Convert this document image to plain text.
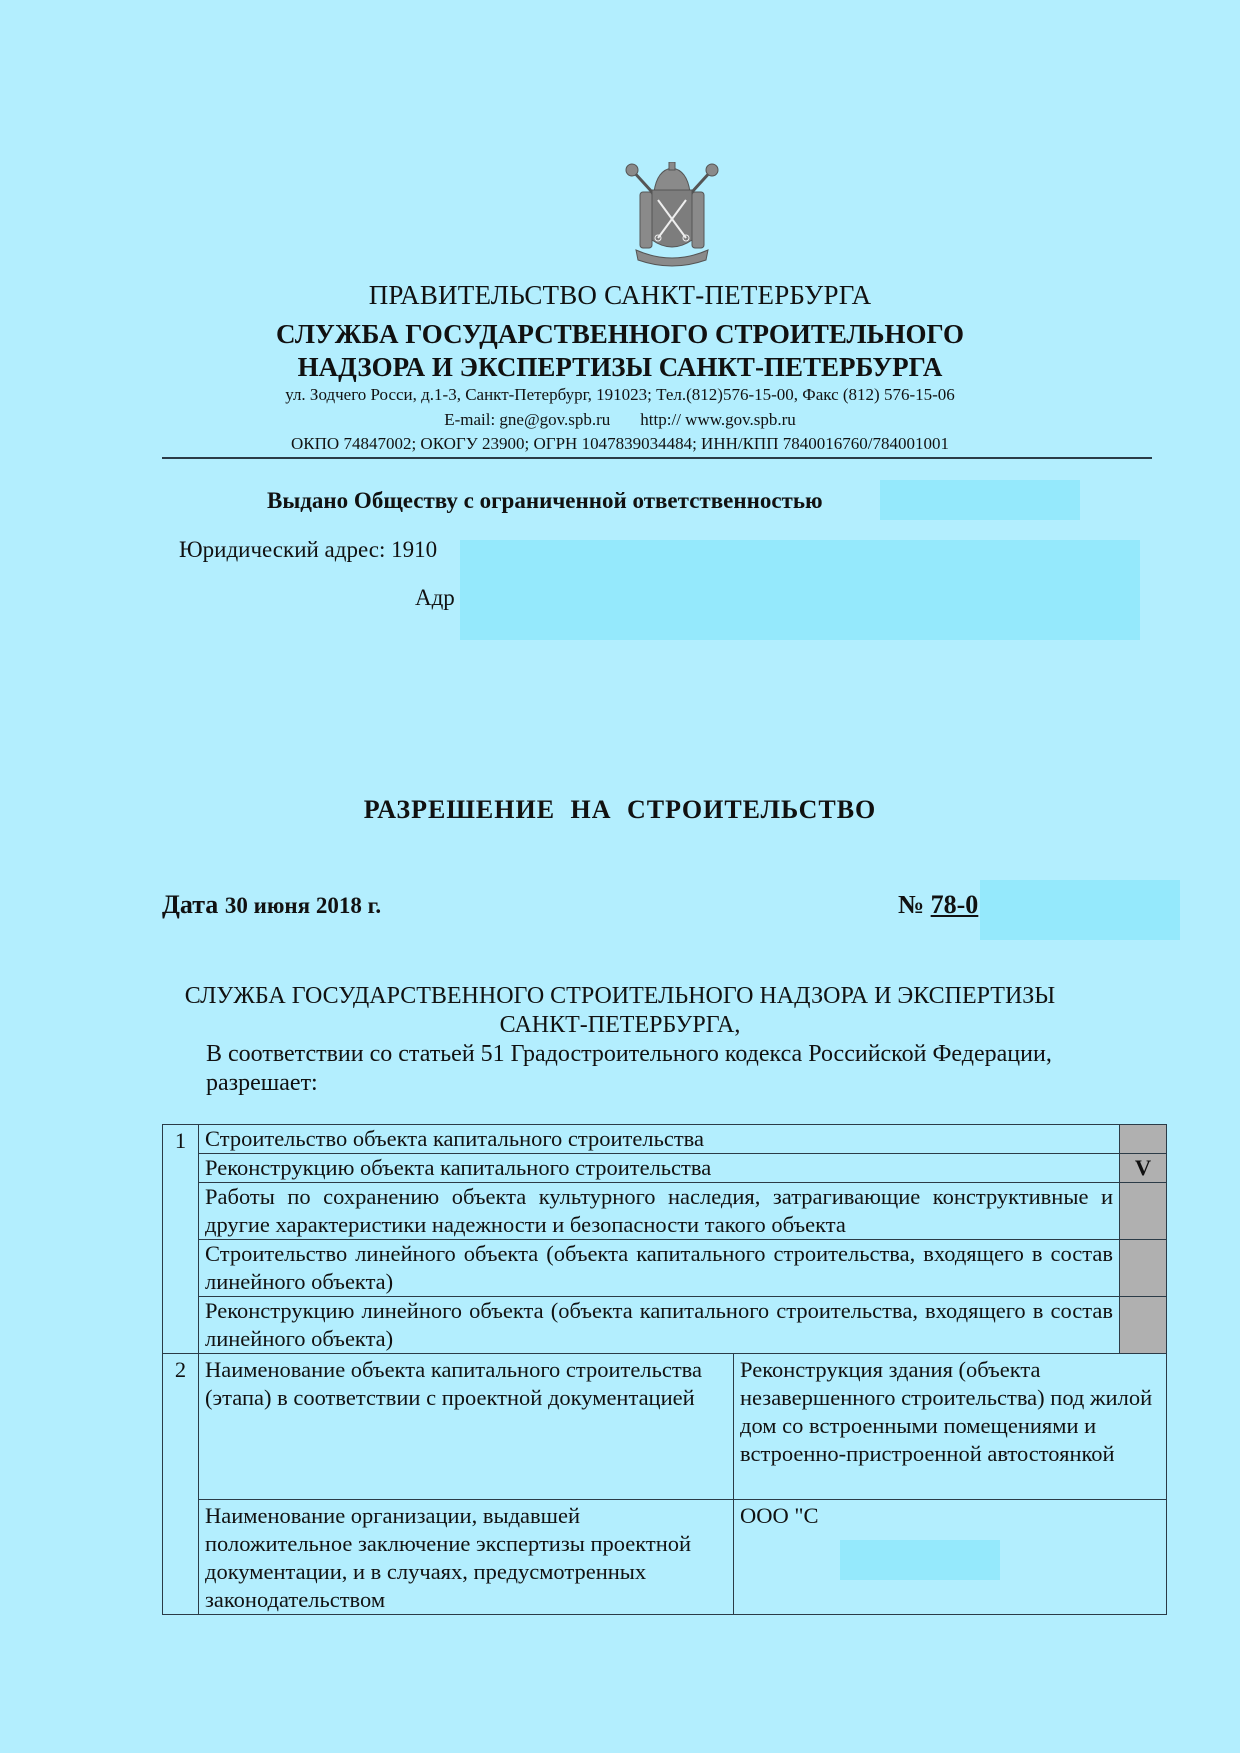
ПРАВИТЕЛЬСТВО САНКТ-ПЕТЕРБУРГА
СЛУЖБА ГОСУДАРСТВЕННОГО СТРОИТЕЛЬНОГО
НАДЗОРА И ЭКСПЕРТИЗЫ САНКТ-ПЕТЕРБУРГА
ул. Зодчего Росси, д.1-3, Санкт-Петербург, 191023; Тел.(812)576-15-00, Факс (812) 576-15-06
E-mail: gne@gov.spb.ru http:// www.gov.spb.ru
ОКПО 74847002; ОКОГУ 23900; ОГРН 1047839034484; ИНН/КПП 7840016760/784001001
Выдано Обществу с ограниченной ответственностью
Юридический адрес: 1910
Адр
РАЗРЕШЕНИЕ НА СТРОИТЕЛЬСТВО
Дата 30 июня 2018 г.	№ 78-0
СЛУЖБА ГОСУДАРСТВЕННОГО СТРОИТЕЛЬНОГО НАДЗОРА И ЭКСПЕРТИЗЫ
САНКТ-ПЕТЕРБУРГА,
В соответствии со статьей 51 Градостроительного кодекса Российской Федерации,
разрешает:
1	Строительство объекта капитального строительства		
	Реконструкцию объекта капитального строительства		V
	Работы по сохранению объекта культурного наследия, затрагивающие конструктивные и другие характеристики надежности и безопасности такого объекта		
	Строительство линейного объекта (объекта капитального строительства, входящего в состав линейного объекта)		
	Реконструкцию линейного объекта (объекта капитального строительства, входящего в состав линейного объекта)		
2	Наименование объекта капитального строительства (этапа) в соответствии с проектной документацией	Реконструкция здания (объекта незавершенного строительства) под жилой дом со встроенными помещениями и встроенно-пристроенной автостоянкой	
	Наименование организации, выдавшей положительное заключение экспертизы проектной документации, и в случаях, предусмотренных законодательством	ООО "С	
